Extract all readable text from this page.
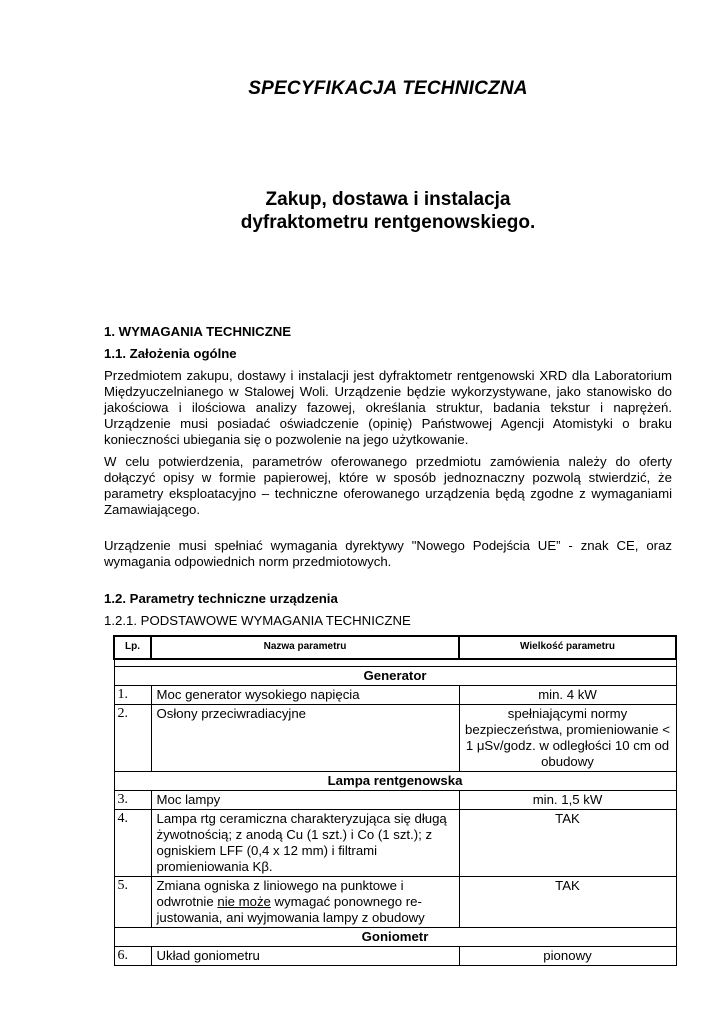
SPECYFIKACJA TECHNICZNA
Zakup, dostawa i instalacja
dyfraktometru rentgenowskiego.
1. WYMAGANIA TECHNICZNE
1.1. Założenia ogólne

Przedmiotem zakupu, dostawy i instalacji jest dyfraktometr rentgenowski XRD dla Laboratorium Międzyuczelnianego w Stalowej Woli. Urządzenie będzie wykorzystywane, jako stanowisko do jakościowa i ilościowa analizy fazowej, określania struktur, badania tekstur i naprężeń. Urządzenie musi posiadać oświadczenie (opinię) Państwowej Agencji Atomistyki o braku konieczności ubiegania się o pozwolenie na jego użytkowanie.

W celu potwierdzenia, parametrów oferowanego przedmiotu zamówienia należy do oferty dołączyć opisy w formie papierowej, które w sposób jednoznaczny pozwolą stwierdzić, że parametry eksploatacyjno – techniczne oferowanego urządzenia będą zgodne z wymaganiami Zamawiającego.

Urządzenie musi spełniać wymagania dyrektywy "Nowego Podejścia UE” - znak CE, oraz wymagania odpowiednich norm przedmiotowych.

1.2. Parametry techniczne urządzenia
1.2.1. PODSTAWOWE WYMAGANIA TECHNICZNE
Lp.	Nazwa parametru	Wielkość parametru

Generator		
1.	Moc generator wysokiego napięcia	min. 4 kW
2.	Osłony przeciwradiacyjne	spełniającymi normy bezpieczeństwa, promieniowanie < 1 μSv/godz. w odległości 10 cm od obudowy
Lampa rentgenowska		
3.	Moc lampy	min. 1,5 kW
4.	Lampa rtg ceramiczna charakteryzująca się długą żywotnością; z anodą Cu (1 szt.) i Co (1 szt.); z ogniskiem LFF (0,4 x 12 mm) i filtrami promieniowania Kβ.	TAK
5.	Zmiana ogniska z liniowego na punktowe i odwrotnie nie może wymagać ponownego re-justowania, ani wyjmowania lampy z obudowy	TAK
Goniometr		
6.	Układ goniometru	pionowy
